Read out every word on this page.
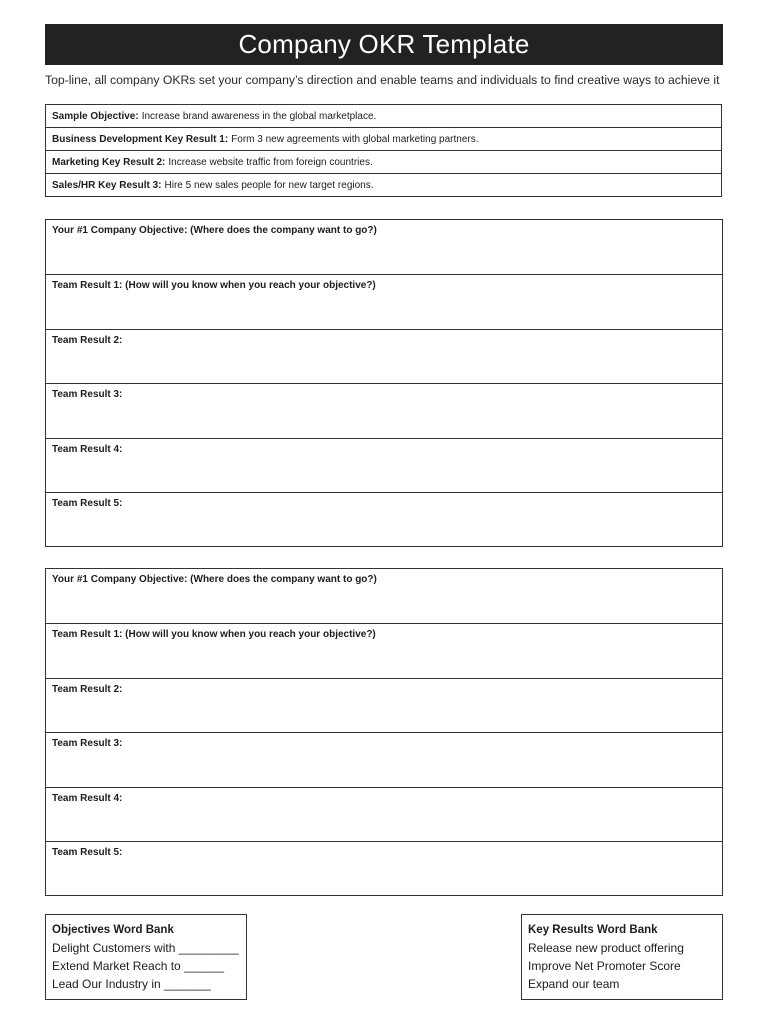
Company OKR Template
Top-line, all company OKRs set your company’s direction and enable teams and individuals to find creative ways to achieve it
Sample Objective: Increase brand awareness in the global marketplace.
Business Development Key Result 1: Form 3 new agreements with global marketing partners.
Marketing Key Result 2: Increase website traffic from foreign countries.
Sales/HR Key Result 3: Hire 5 new sales people for new target regions.
Your #1 Company Objective: (Where does the company want to go?)
Team Result 1: (How will you know when you reach your objective?)
Team Result 2:
Team Result 3:
Team Result 4:
Team Result 5:
Your #1 Company Objective: (Where does the company want to go?)
Team Result 1: (How will you know when you reach your objective?)
Team Result 2:
Team Result 3:
Team Result 4:
Team Result 5:
Objectives Word Bank
Delight Customers with _________
Extend Market Reach to ______
Lead Our Industry in _______
Key Results Word Bank
Release new product offering
Improve Net Promoter Score
Expand our team
